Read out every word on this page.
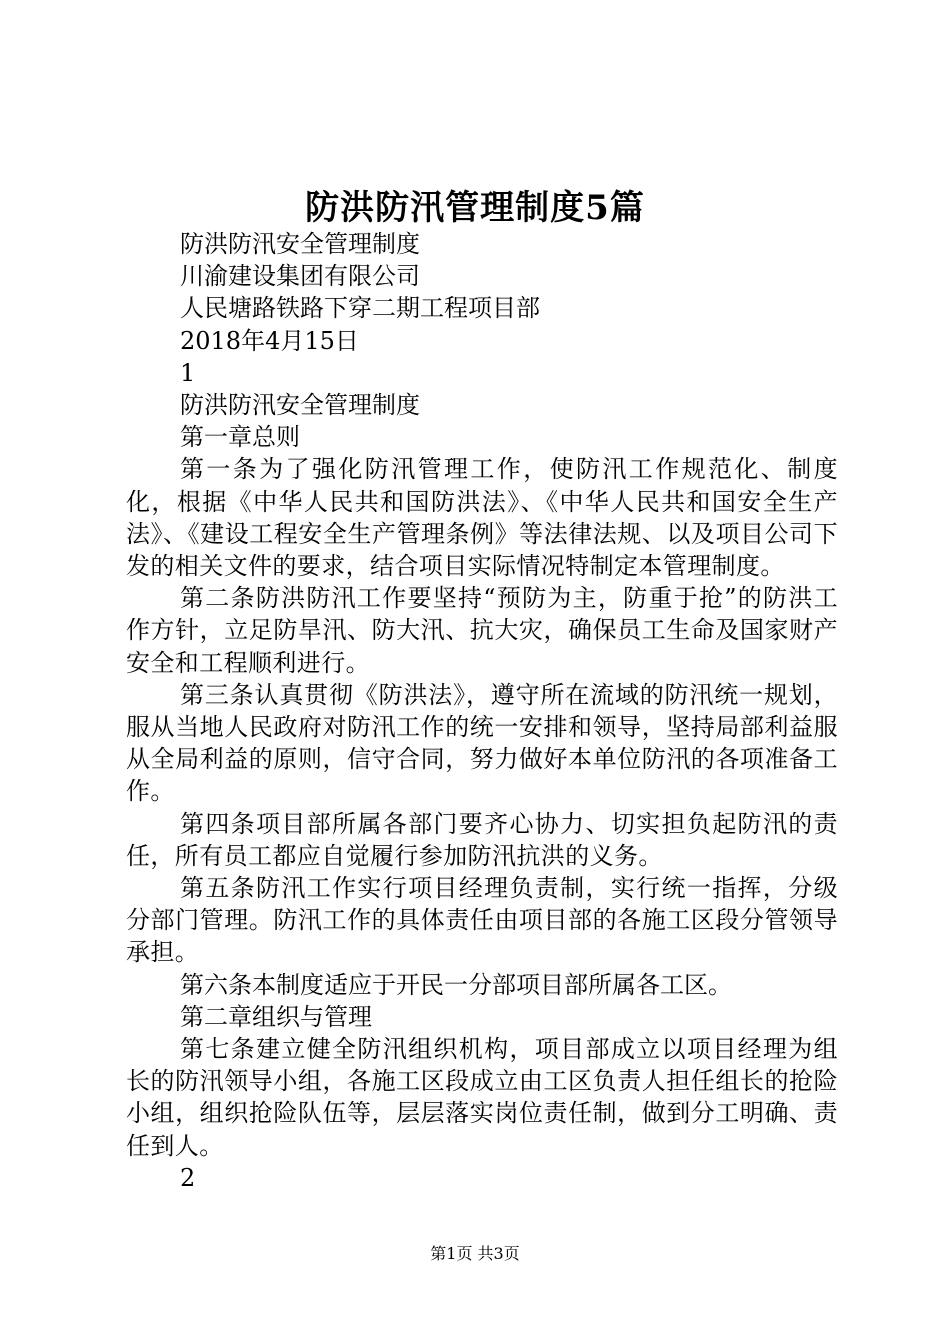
防洪防汛管理制度5篇

防洪防汛安全管理制度

川渝建设集团有限公司

人民塘路铁路下穿二期工程项目部

2018年4月15日

1

防洪防汛安全管理制度

第一章总则

第一条为了强化防汛管理工作，使防汛工作规范化、制度化，根据《中华人民共和国防洪法》、《中华人民共和国安全生产法》、《建设工程安全生产管理条例》等法律法规、以及项目公司下发的相关文件的要求，结合项目实际情况特制定本管理制度。

第二条防洪防汛工作要坚持“预防为主，防重于抢”的防洪工作方针，立足防旱汛、防大汛、抗大灾，确保员工生命及国家财产安全和工程顺利进行。

第三条认真贯彻《防洪法》，遵守所在流域的防汛统一规划，服从当地人民政府对防汛工作的统一安排和领导，坚持局部利益服从全局利益的原则，信守合同，努力做好本单位防汛的各项准备工作。

第四条项目部所属各部门要齐心协力、切实担负起防汛的责任，所有员工都应自觉履行参加防汛抗洪的义务。

第五条防汛工作实行项目经理负责制，实行统一指挥，分级分部门管理。防汛工作的具体责任由项目部的各施工区段分管领导承担。

第六条本制度适应于开民一分部项目部所属各工区。

第二章组织与管理

第七条建立健全防汛组织机构，项目部成立以项目经理为组长的防汛领导小组，各施工区段成立由工区负责人担任组长的抢险小组，组织抢险队伍等，层层落实岗位责任制，做到分工明确、责任到人。

2

第1页 共3页
